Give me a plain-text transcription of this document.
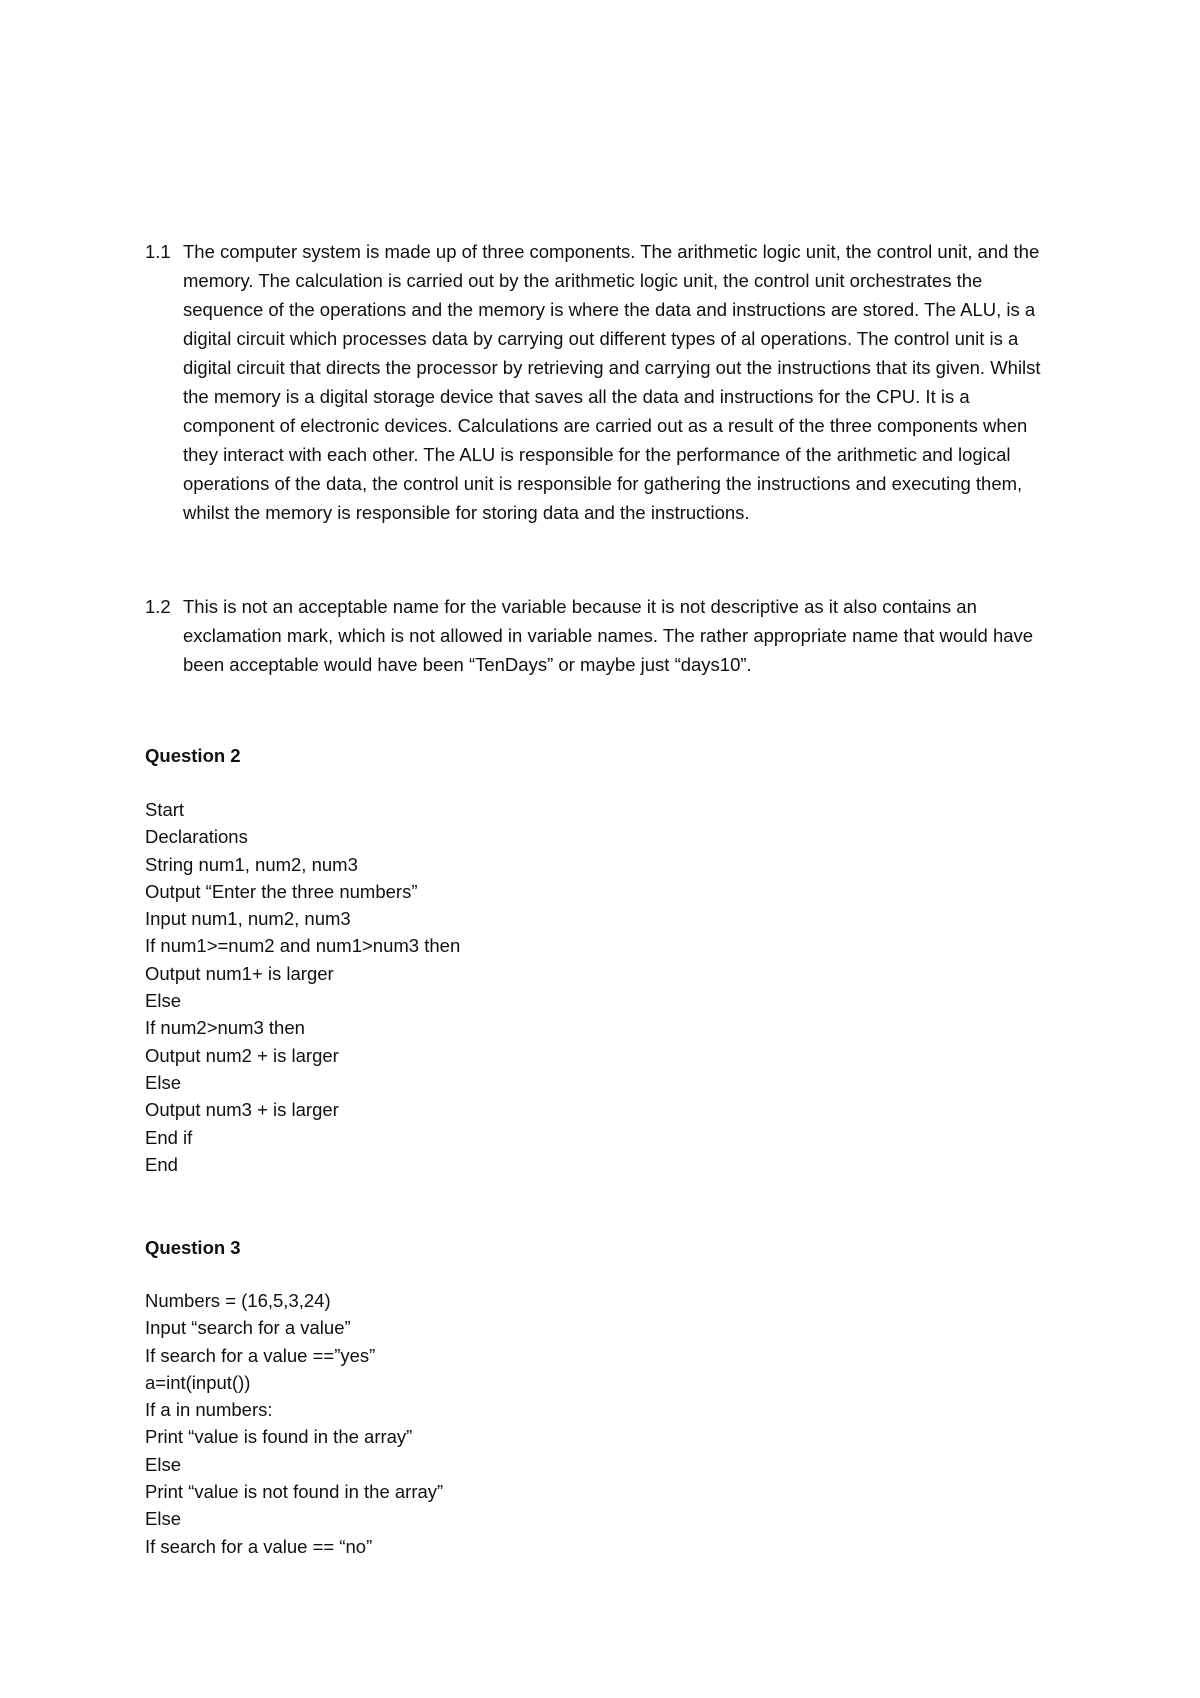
1.1 The computer system is made up of three components. The arithmetic logic unit, the control unit, and the memory. The calculation is carried out by the arithmetic logic unit, the control unit orchestrates the sequence of the operations and the memory is where the data and instructions are stored. The ALU, is a digital circuit which processes data by carrying out different types of al operations. The control unit is a digital circuit that directs the processor by retrieving and carrying out the instructions that its given. Whilst the memory is a digital storage device that saves all the data and instructions for the CPU. It is a component of electronic devices. Calculations are carried out as a result of the three components when they interact with each other. The ALU is responsible for the performance of the arithmetic and logical operations of the data, the control unit is responsible for gathering the instructions and executing them, whilst the memory is responsible for storing data and the instructions.
1.2 This is not an acceptable name for the variable because it is not descriptive as it also contains an exclamation mark, which is not allowed in variable names. The rather appropriate name that would have been acceptable would have been “TenDays” or maybe just “days10”.
Question 2
Start
Declarations
String num1, num2, num3
Output “Enter the three numbers”
Input num1, num2, num3
If num1>=num2 and num1>num3 then
Output num1+ is larger
Else
If num2>num3 then
Output num2 + is larger
Else
Output num3 + is larger
End if
End
Question 3
Numbers = (16,5,3,24)
Input “search for a value”
If search for a value ==”yes”
a=int(input())
If a in numbers:
Print “value is found in the array”
Else
Print “value is not found in the array”
Else
If search for a value == “no”
